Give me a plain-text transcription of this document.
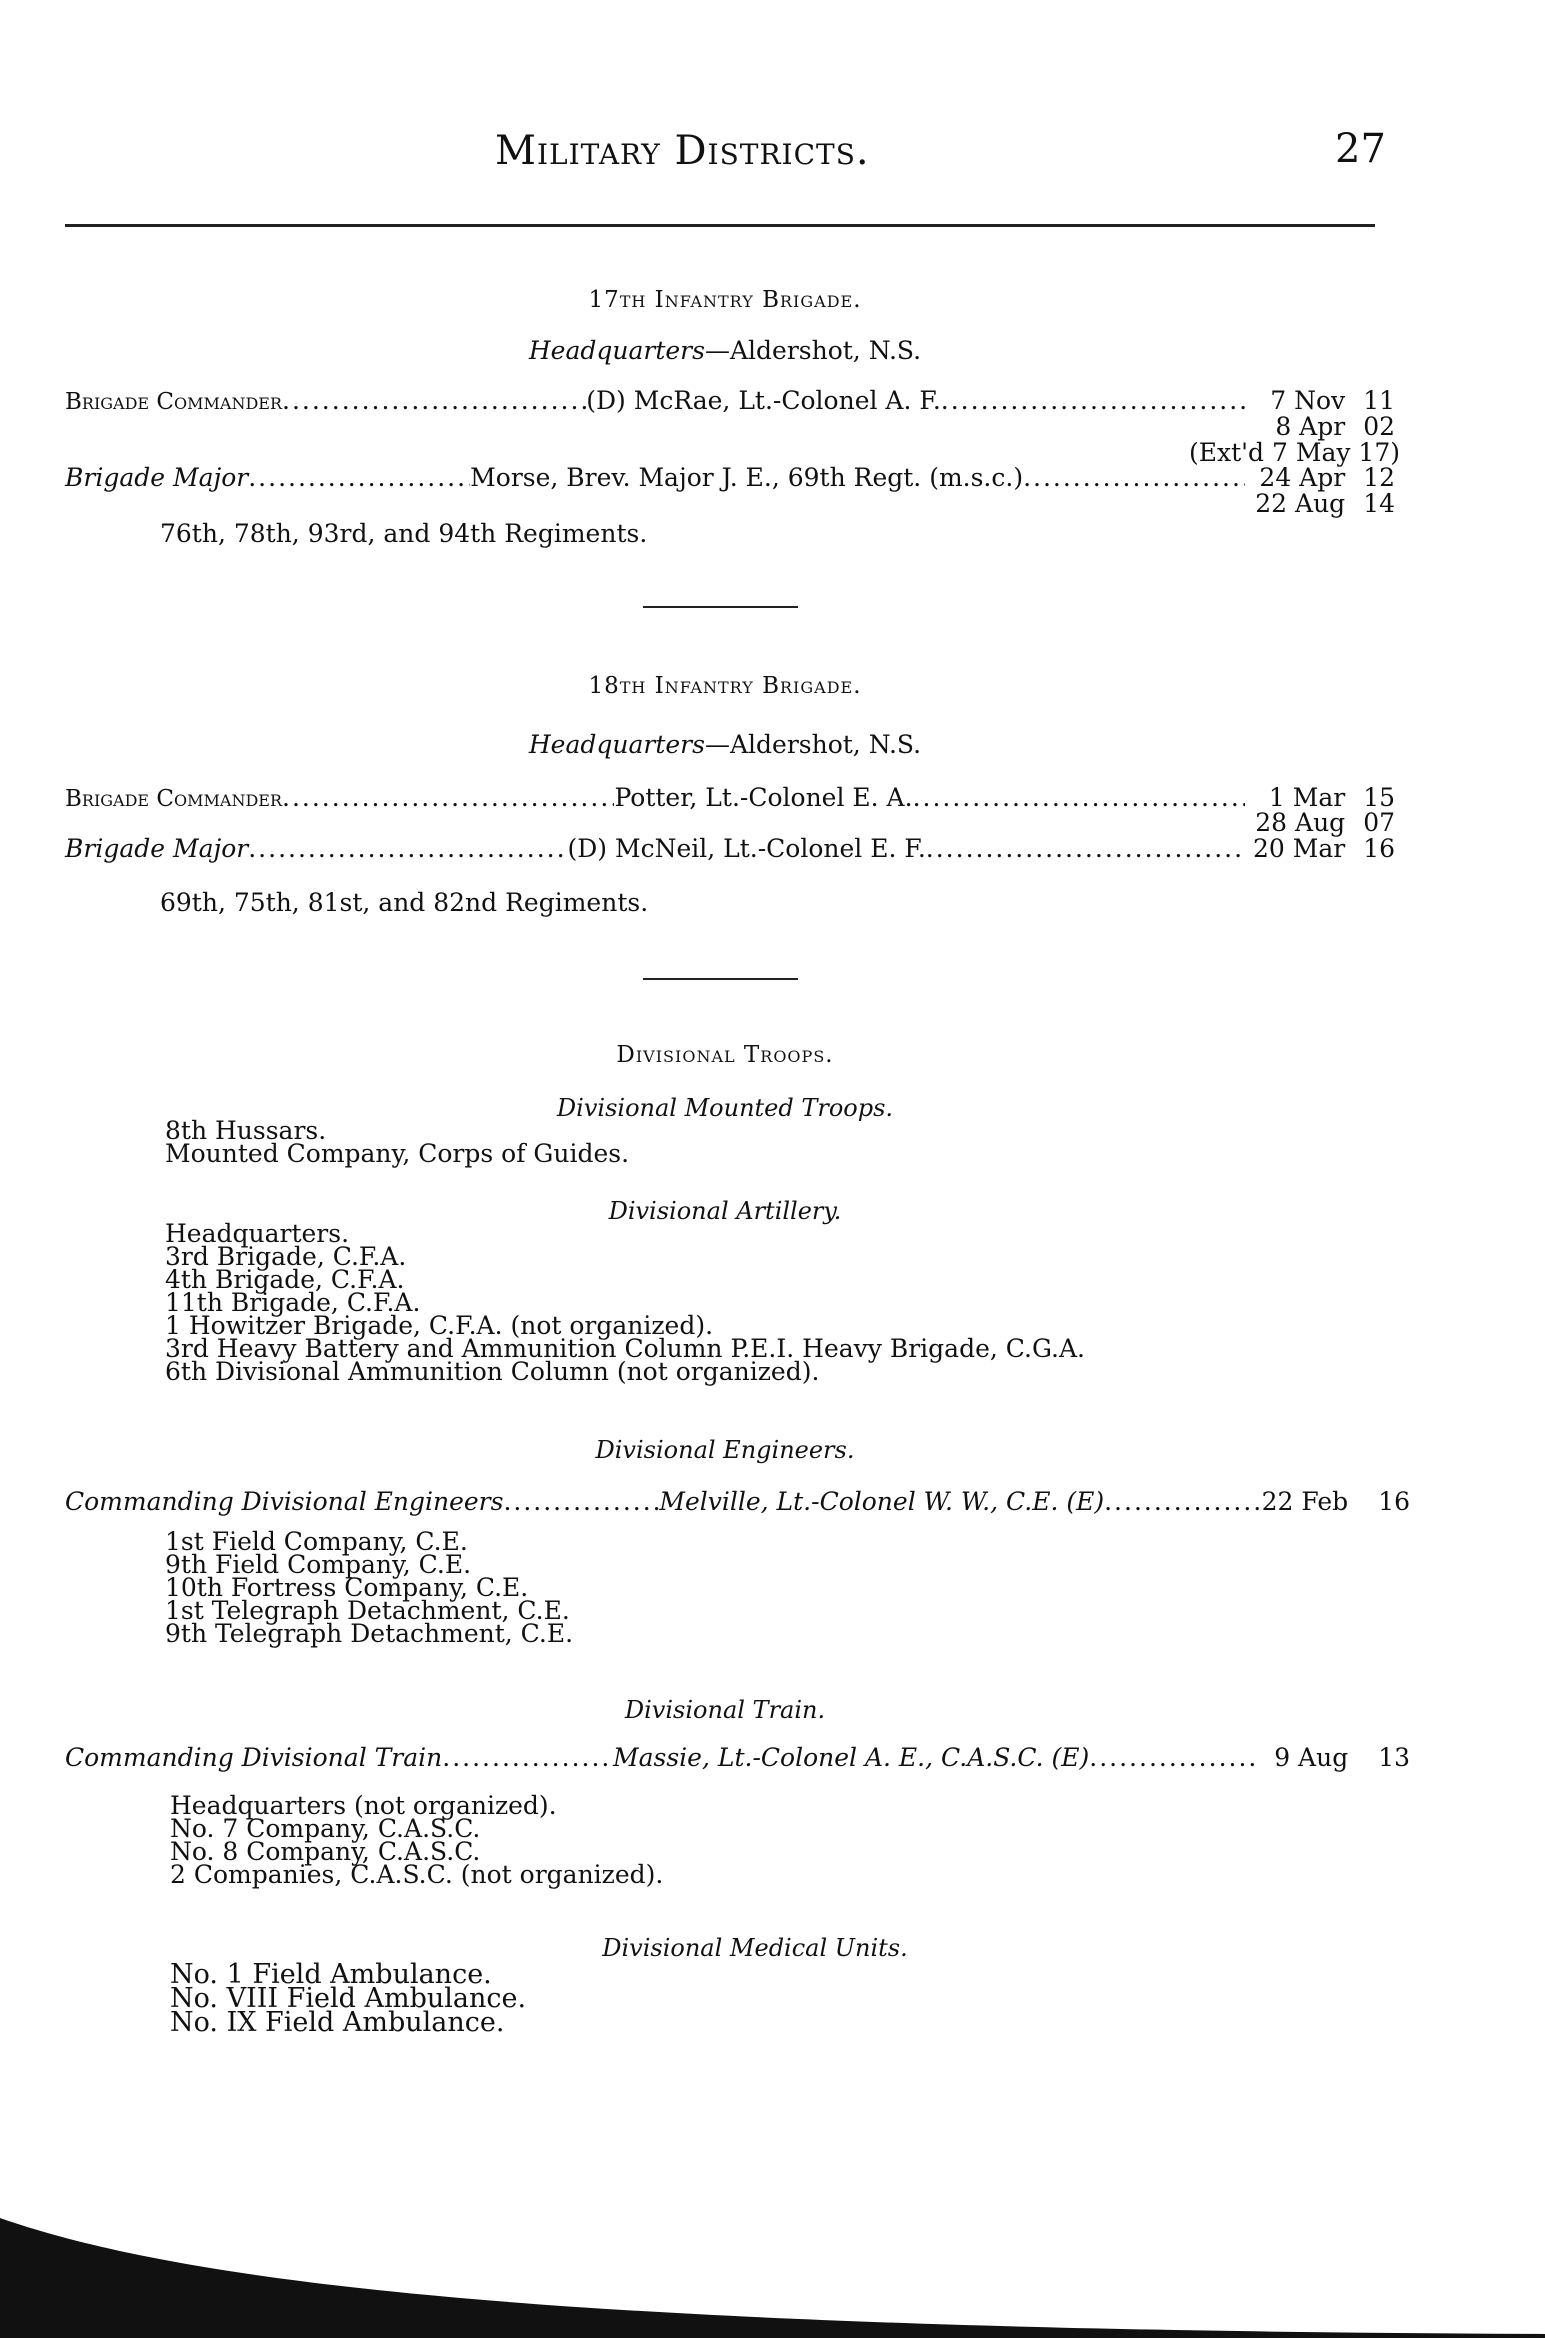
Military Districts.	27
17th Infantry Brigade.
Headquarters—Aldershot, N.S.
Brigade Commander .....	(D) McRae, Lt.-Colonel A. F. .....	7 Nov 11
8 Apr 02
(Ext'd 7 May 17)
Brigade Major .....	Morse, Brev. Major J. E., 69th Regt. (m.s.c.) .....	24 Apr 12
22 Aug 14
76th, 78th, 93rd, and 94th Regiments.
18th Infantry Brigade.
Headquarters—Aldershot, N.S.
Brigade Commander .....	Potter, Lt.-Colonel E. A. .....	1 Mar 15
28 Aug 07
Brigade Major .....	(D) McNeil, Lt.-Colonel E. F. .....	20 Mar 16
69th, 75th, 81st, and 82nd Regiments.
Divisional Troops.
Divisional Mounted Troops.
8th Hussars.
Mounted Company, Corps of Guides.
Divisional Artillery.
Headquarters.
3rd Brigade, C.F.A.
4th Brigade, C.F.A.
11th Brigade, C.F.A.
1 Howitzer Brigade, C.F.A. (not organized).
3rd Heavy Battery and Ammunition Column P.E.I. Heavy Brigade, C.G.A.
6th Divisional Ammunition Column (not organized).
Divisional Engineers.
Commanding Divisional Engineers .....	Melville, Lt.-Colonel W. W., C.E. (E) .....	22 Feb 16
1st Field Company, C.E.
9th Field Company, C.E.
10th Fortress Company, C.E.
1st Telegraph Detachment, C.E.
9th Telegraph Detachment, C.E.
Divisional Train.
Commanding Divisional Train .....	Massie, Lt.-Colonel A. E., C.A.S.C. (E) .....	9 Aug 13
Headquarters (not organized).
No. 7 Company, C.A.S.C.
No. 8 Company, C.A.S.C.
2 Companies, C.A.S.C. (not organized).
Divisional Medical Units.
No. 1 Field Ambulance.
No. VIII Field Ambulance.
No. IX Field Ambulance.
